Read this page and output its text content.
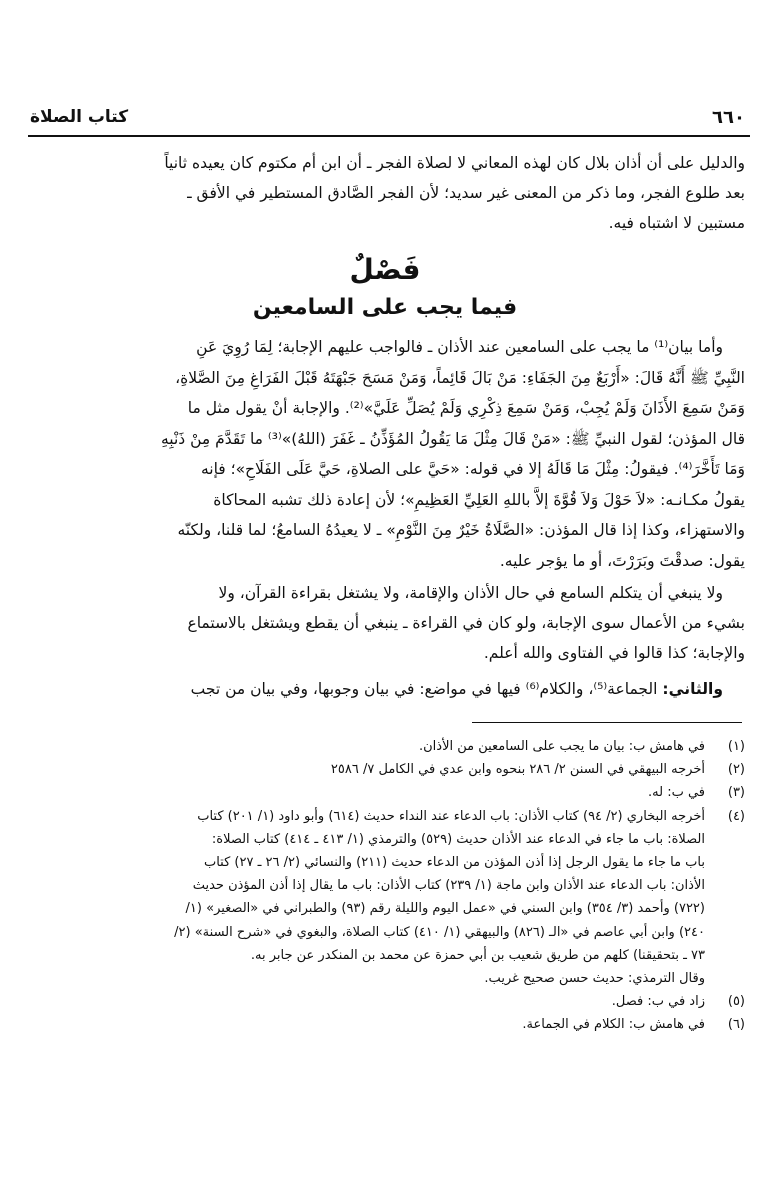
كتاب الصلاة	٦٦٠
والدليل على أن أذان بلال كان لهذه المعاني لا لصلاة الفجر ـ أن ابن أم مكتوم كان يعيده ثانياً
بعد طلوع الفجر، وما ذكر من المعنى غير سديد؛ لأن الفجر الصَّادق المستطير في الأفق ـ
مستبين لا اشتباه فيه.
فَصْلٌ
فيما يجب على السامعين
وأما بيان⁽¹⁾ ما يجب على السامعين عند الأذان ـ فالواجب عليهم الإجابة؛ لِمَا رُوِيَ عَنِ
النَّبِيِّ ﷺ أَنَّهُ قَالَ: «أَرْبَعٌ مِنَ الجَفَاءِ: مَنْ بَالَ قَائِماً، وَمَنْ مَسَحَ جَبْهَتَهُ قَبْلَ الفَرَاغِ مِنَ الصَّلاةِ،
وَمَنْ سَمِعَ الأَذَانَ وَلَمْ يُجِبْ، وَمَنْ سَمِعَ ذِكْرِي وَلَمْ يُصَلِّ عَلَيَّ»⁽²⁾. والإجابة أنْ يقول مثل ما
قال المؤذن؛ لقول النبيِّ ﷺ: «مَنْ قَالَ مِثْلَ مَا يَقُولُ المُؤَذِّنُ ـ غَفَرَ (اللهُ)»⁽³⁾ ما تَقَدَّمَ مِنْ ذَنْبِهِ
وَمَا تَأَخَّرَ⁽⁴⁾. فيقولُ: مِثْلَ مَا قَالَهُ إلا في قوله: «حَيَّ على الصلاةِ، حَيَّ عَلَى الفَلَاحِ»؛ فإنه
يقولُ مكـانـه: «لاَ حَوْلَ وَلاَ قُوَّةَ إلاَّ باللهِ العَلِيِّ العَظِيمِ»؛ لأن إعادة ذلك تشبه المحاكاة
والاستهزاء، وكذا إذا قال المؤذن: «الصَّلَاةُ خَيْرٌ مِنَ النَّوْمِ» ـ لا يعيدُهُ السامعُ؛ لما قلنا، ولكنّه
يقول: صدقْتَ وبَرَرْتَ، أو ما يؤجر عليه.
ولا ينبغي أن يتكلم السامع في حال الأذان والإقامة، ولا يشتغل بقراءة القرآن، ولا
بشيء من الأعمال سوى الإجابة، ولو كان في القراءة ـ ينبغي أن يقطع ويشتغل بالاستماع
والإجابة؛ كذا قالوا في الفتاوى والله أعلم.

والثاني: الجماعة⁽⁵⁾، والكلام⁽⁶⁾ فيها في مواضع: في بيان وجوبها، وفي بيان من تجب

(١)
في هامش ب: بيان ما يجب على السامعين من الأذان.
(٢)
أخرجه البيهقي في السنن ٢/ ٢٨٦ بنحوه وابن عدي في الكامل ٧/ ٢٥٨٦
(٣)
في ب: له.
(٤)
أخرجه البخاري (٢/ ٩٤) كتاب الأذان: باب الدعاء عند النداء حديث (٦١٤) وأبو داود (١/ ٢٠١) كتاب
الصلاة: باب ما جاء في الدعاء عند الأذان حديث (٥٢٩) والترمذي (١/ ٤١٣ ـ ٤١٤) كتاب الصلاة:
باب ما جاء ما يقول الرجل إذا أذن المؤذن من الدعاء حديث (٢١١) والنسائي (٢/ ٢٦ ـ ٢٧) كتاب
الأذان: باب الدعاء عند الأذان وابن ماجة (١/ ٢٣٩) كتاب الأذان: باب ما يقال إذا أذن المؤذن حديث
(٧٢٢) وأحمد (٣/ ٣٥٤) وابن السني في «عمل اليوم والليلة رقم (٩٣) والطبراني في «الصغير» (١/
٢٤٠) وابن أبي عاصم في «الـ (٨٢٦) والبيهقي (١/ ٤١٠) كتاب الصلاة، والبغوي في «شرح السنة» (٢/
٧٣ ـ بتحقيقنا) كلهم من طريق شعيب بن أبي حمزة عن محمد بن المنكدر عن جابر به.
وقال الترمذي: حديث حسن صحيح غريب.
(٥)
زاد في ب: فصل.
(٦)
في هامش ب: الكلام في الجماعة.
